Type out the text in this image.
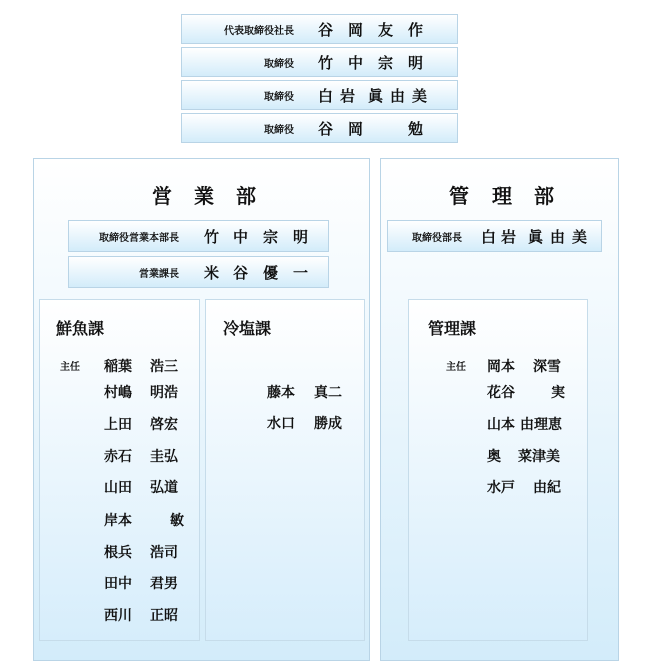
代表取締役社長 谷 岡 友 作
取締役 竹 中 宗 明
取締役 白 岩 眞 由 美
取締役 谷 岡	勉
営 業 部
取締役営業本部長 竹 中 宗 明
営業課長 米 谷 優 一
鮮魚課
主任 稲葉 浩三
村嶋 明浩
上田 啓宏
赤石 圭弘
山田 弘道
岸本	敏
根兵 浩司
田中 君男
西川 正昭
冷塩課
藤本 真二
水口 勝成
管 理 部
取締役部長 白 岩 眞 由 美
管理課
主任 岡本 深雪
花谷	実
山本 由理恵
奥 菜津美
水戸 由紀
